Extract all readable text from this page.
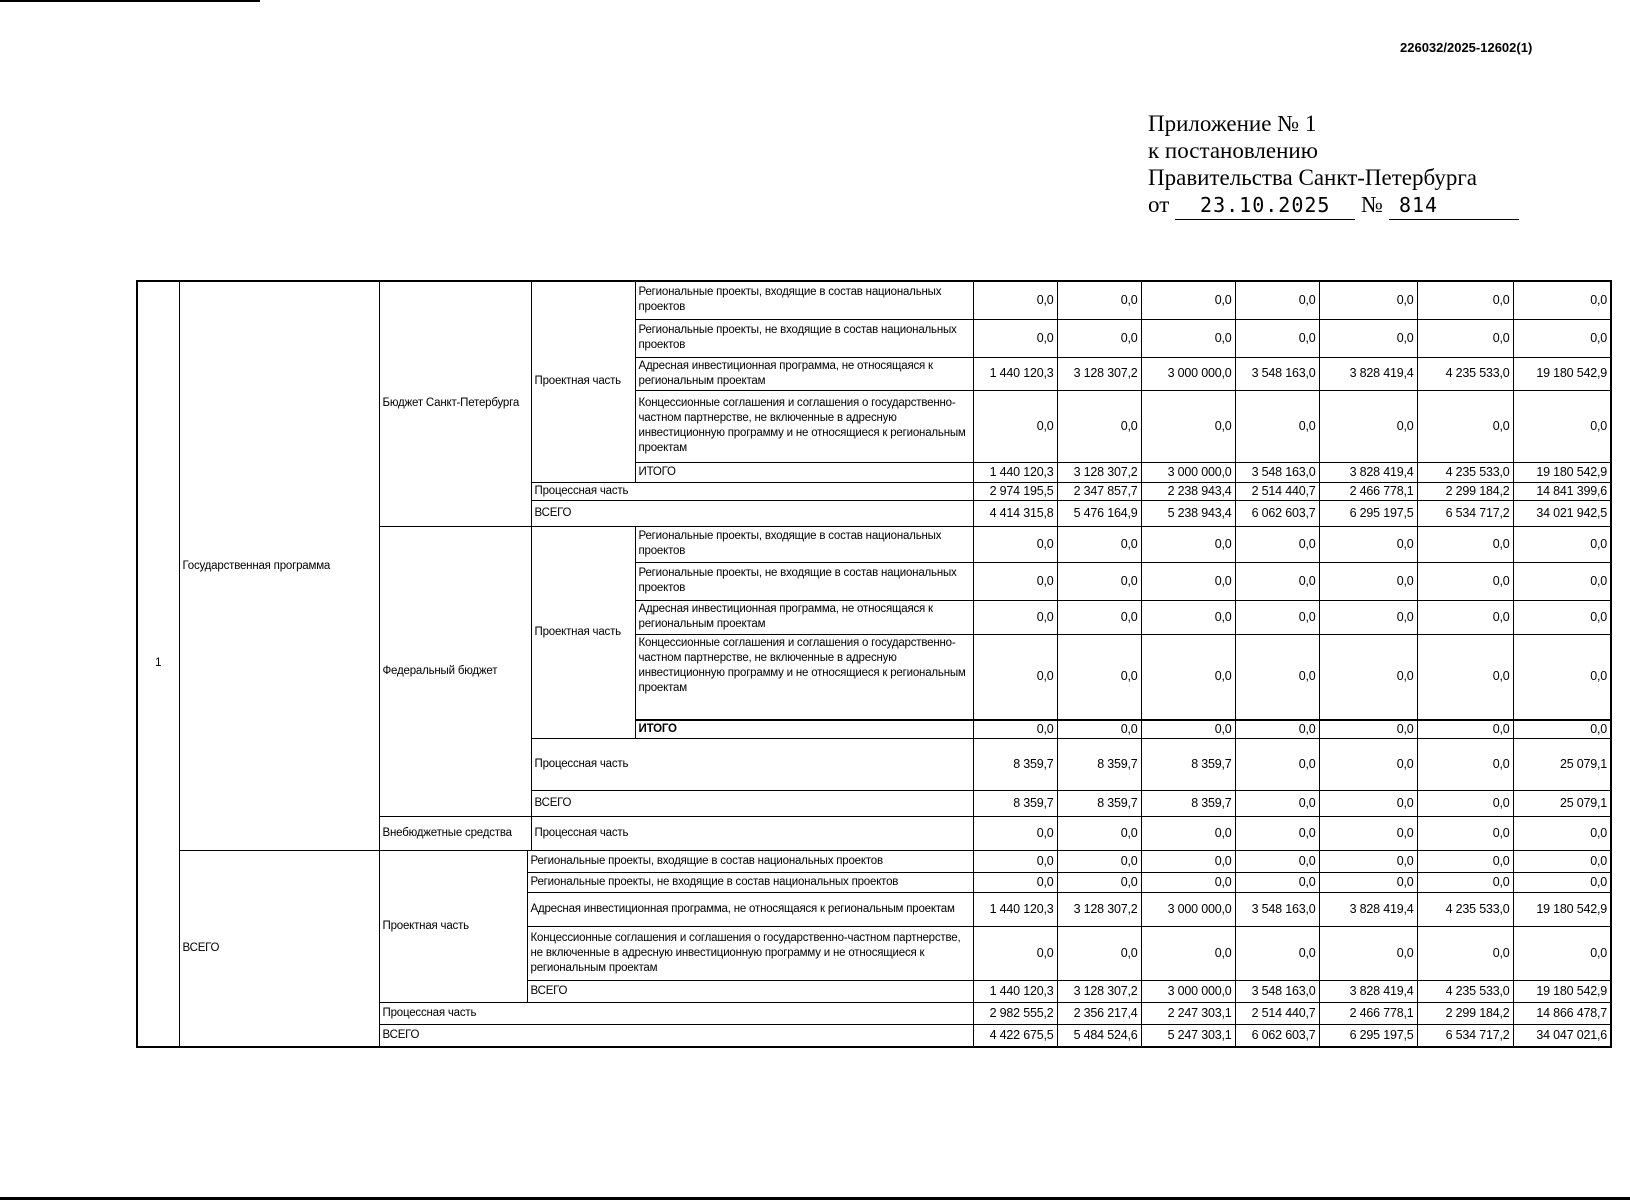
226032/2025-12602(1)
Приложение № 1
к постановлению
Правительства Санкт-Петербурга
от 23.10.2025 № 814
1	Государственная программа	Бюджет Санкт-Петербурга		Проектная часть	Региональные проекты, входящие в состав национальных проектов	0,0	0,0	0,0	0,0	0,0	0,0	0,0
					Региональные проекты, не входящие в состав национальных проектов	0,0	0,0	0,0	0,0	0,0	0,0	0,0
					Адресная инвестиционная программа, не относящаяся к региональным проектам	1 440 120,3	3 128 307,2	3 000 000,0	3 548 163,0	3 828 419,4	4 235 533,0	19 180 542,9
					Концессионные соглашения и соглашения о государственно-частном партнерстве, не включенные в адресную инвестиционную программу и не относящиеся к региональным проектам	0,0	0,0	0,0	0,0	0,0	0,0	0,0
					ИТОГО	1 440 120,3	3 128 307,2	3 000 000,0	3 548 163,0	3 828 419,4	4 235 533,0	19 180 542,9
				Процессная часть		2 974 195,5	2 347 857,7	2 238 943,4	2 514 440,7	2 466 778,1	2 299 184,2	14 841 399,6
				ВСЕГО		4 414 315,8	5 476 164,9	5 238 943,4	6 062 603,7	6 295 197,5	6 534 717,2	34 021 942,5
		Федеральный бюджет		Проектная часть	Региональные проекты, входящие в состав национальных проектов	0,0	0,0	0,0	0,0	0,0	0,0	0,0
					Региональные проекты, не входящие в состав национальных проектов	0,0	0,0	0,0	0,0	0,0	0,0	0,0
					Адресная инвестиционная программа, не относящаяся к региональным проектам	0,0	0,0	0,0	0,0	0,0	0,0	0,0
					Концессионные соглашения и соглашения о государственно-частном партнерстве, не включенные в адресную инвестиционную программу и не относящиеся к региональным проектам	0,0	0,0	0,0	0,0	0,0	0,0	0,0
					ИТОГО	0,0	0,0	0,0	0,0	0,0	0,0	0,0
				Процессная часть		8 359,7	8 359,7	8 359,7	0,0	0,0	0,0	25 079,1
				ВСЕГО		8 359,7	8 359,7	8 359,7	0,0	0,0	0,0	25 079,1
		Внебюджетные средства		Процессная часть		0,0	0,0	0,0	0,0	0,0	0,0	0,0
	ВСЕГО	Проектная часть	Региональные проекты, входящие в состав национальных проектов			0,0	0,0	0,0	0,0	0,0	0,0	0,0
			Региональные проекты, не входящие в состав национальных проектов			0,0	0,0	0,0	0,0	0,0	0,0	0,0
			Адресная инвестиционная программа, не относящаяся к региональным проектам			1 440 120,3	3 128 307,2	3 000 000,0	3 548 163,0	3 828 419,4	4 235 533,0	19 180 542,9
			Концессионные соглашения и соглашения о государственно-частном партнерстве, не включенные в адресную инвестиционную программу и не относящиеся к региональным проектам			0,0	0,0	0,0	0,0	0,0	0,0	0,0
			ВСЕГО			1 440 120,3	3 128 307,2	3 000 000,0	3 548 163,0	3 828 419,4	4 235 533,0	19 180 542,9
		Процессная часть				2 982 555,2	2 356 217,4	2 247 303,1	2 514 440,7	2 466 778,1	2 299 184,2	14 866 478,7
		ВСЕГО				4 422 675,5	5 484 524,6	5 247 303,1	6 062 603,7	6 295 197,5	6 534 717,2	34 047 021,6
